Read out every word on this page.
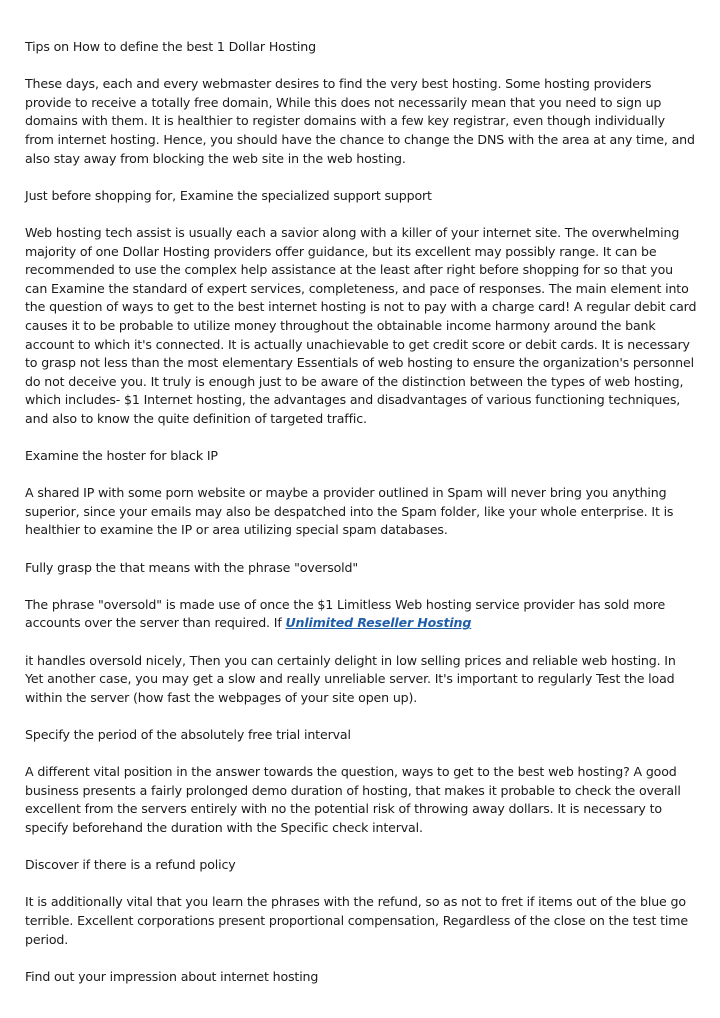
Tips on How to define the best 1 Dollar Hosting

These days, each and every webmaster desires to find the very best hosting. Some hosting providers provide to receive a totally free domain, While this does not necessarily mean that you need to sign up domains with them. It is healthier to register domains with a few key registrar, even though individually from internet hosting. Hence, you should have the chance to change the DNS with the area at any time, and also stay away from blocking the web site in the web hosting.

Just before shopping for, Examine the specialized support support

Web hosting tech assist is usually each a savior along with a killer of your internet site. The overwhelming majority of one Dollar Hosting providers offer guidance, but its excellent may possibly range. It can be recommended to use the complex help assistance at the least after right before shopping for so that you can Examine the standard of expert services, completeness, and pace of responses. The main element into the question of ways to get to the best internet hosting is not to pay with a charge card! A regular debit card causes it to be probable to utilize money throughout the obtainable income harmony around the bank account to which it's connected. It is actually unachievable to get credit score or debit cards. It is necessary to grasp not less than the most elementary Essentials of web hosting to ensure the organization's personnel do not deceive you. It truly is enough just to be aware of the distinction between the types of web hosting, which includes- $1 Internet hosting, the advantages and disadvantages of various functioning techniques, and also to know the quite definition of targeted traffic.

Examine the hoster for black IP

A shared IP with some porn website or maybe a provider outlined in Spam will never bring you anything superior, since your emails may also be despatched into the Spam folder, like your whole enterprise. It is healthier to examine the IP or area utilizing special spam databases.

Fully grasp the that means with the phrase "oversold"

The phrase "oversold" is made use of once the $1 Limitless Web hosting service provider has sold more accounts over the server than required. If Unlimited Reseller Hosting

it handles oversold nicely, Then you can certainly delight in low selling prices and reliable web hosting. In Yet another case, you may get a slow and really unreliable server. It's important to regularly Test the load within the server (how fast the webpages of your site open up).

Specify the period of the absolutely free trial interval

A different vital position in the answer towards the question, ways to get to the best web hosting? A good business presents a fairly prolonged demo duration of hosting, that makes it probable to check the overall excellent from the servers entirely with no the potential risk of throwing away dollars. It is necessary to specify beforehand the duration with the Specific check interval.

Discover if there is a refund policy

It is additionally vital that you learn the phrases with the refund, so as not to fret if items out of the blue go terrible. Excellent corporations present proportional compensation, Regardless of the close on the test time period.

Find out your impression about internet hosting
